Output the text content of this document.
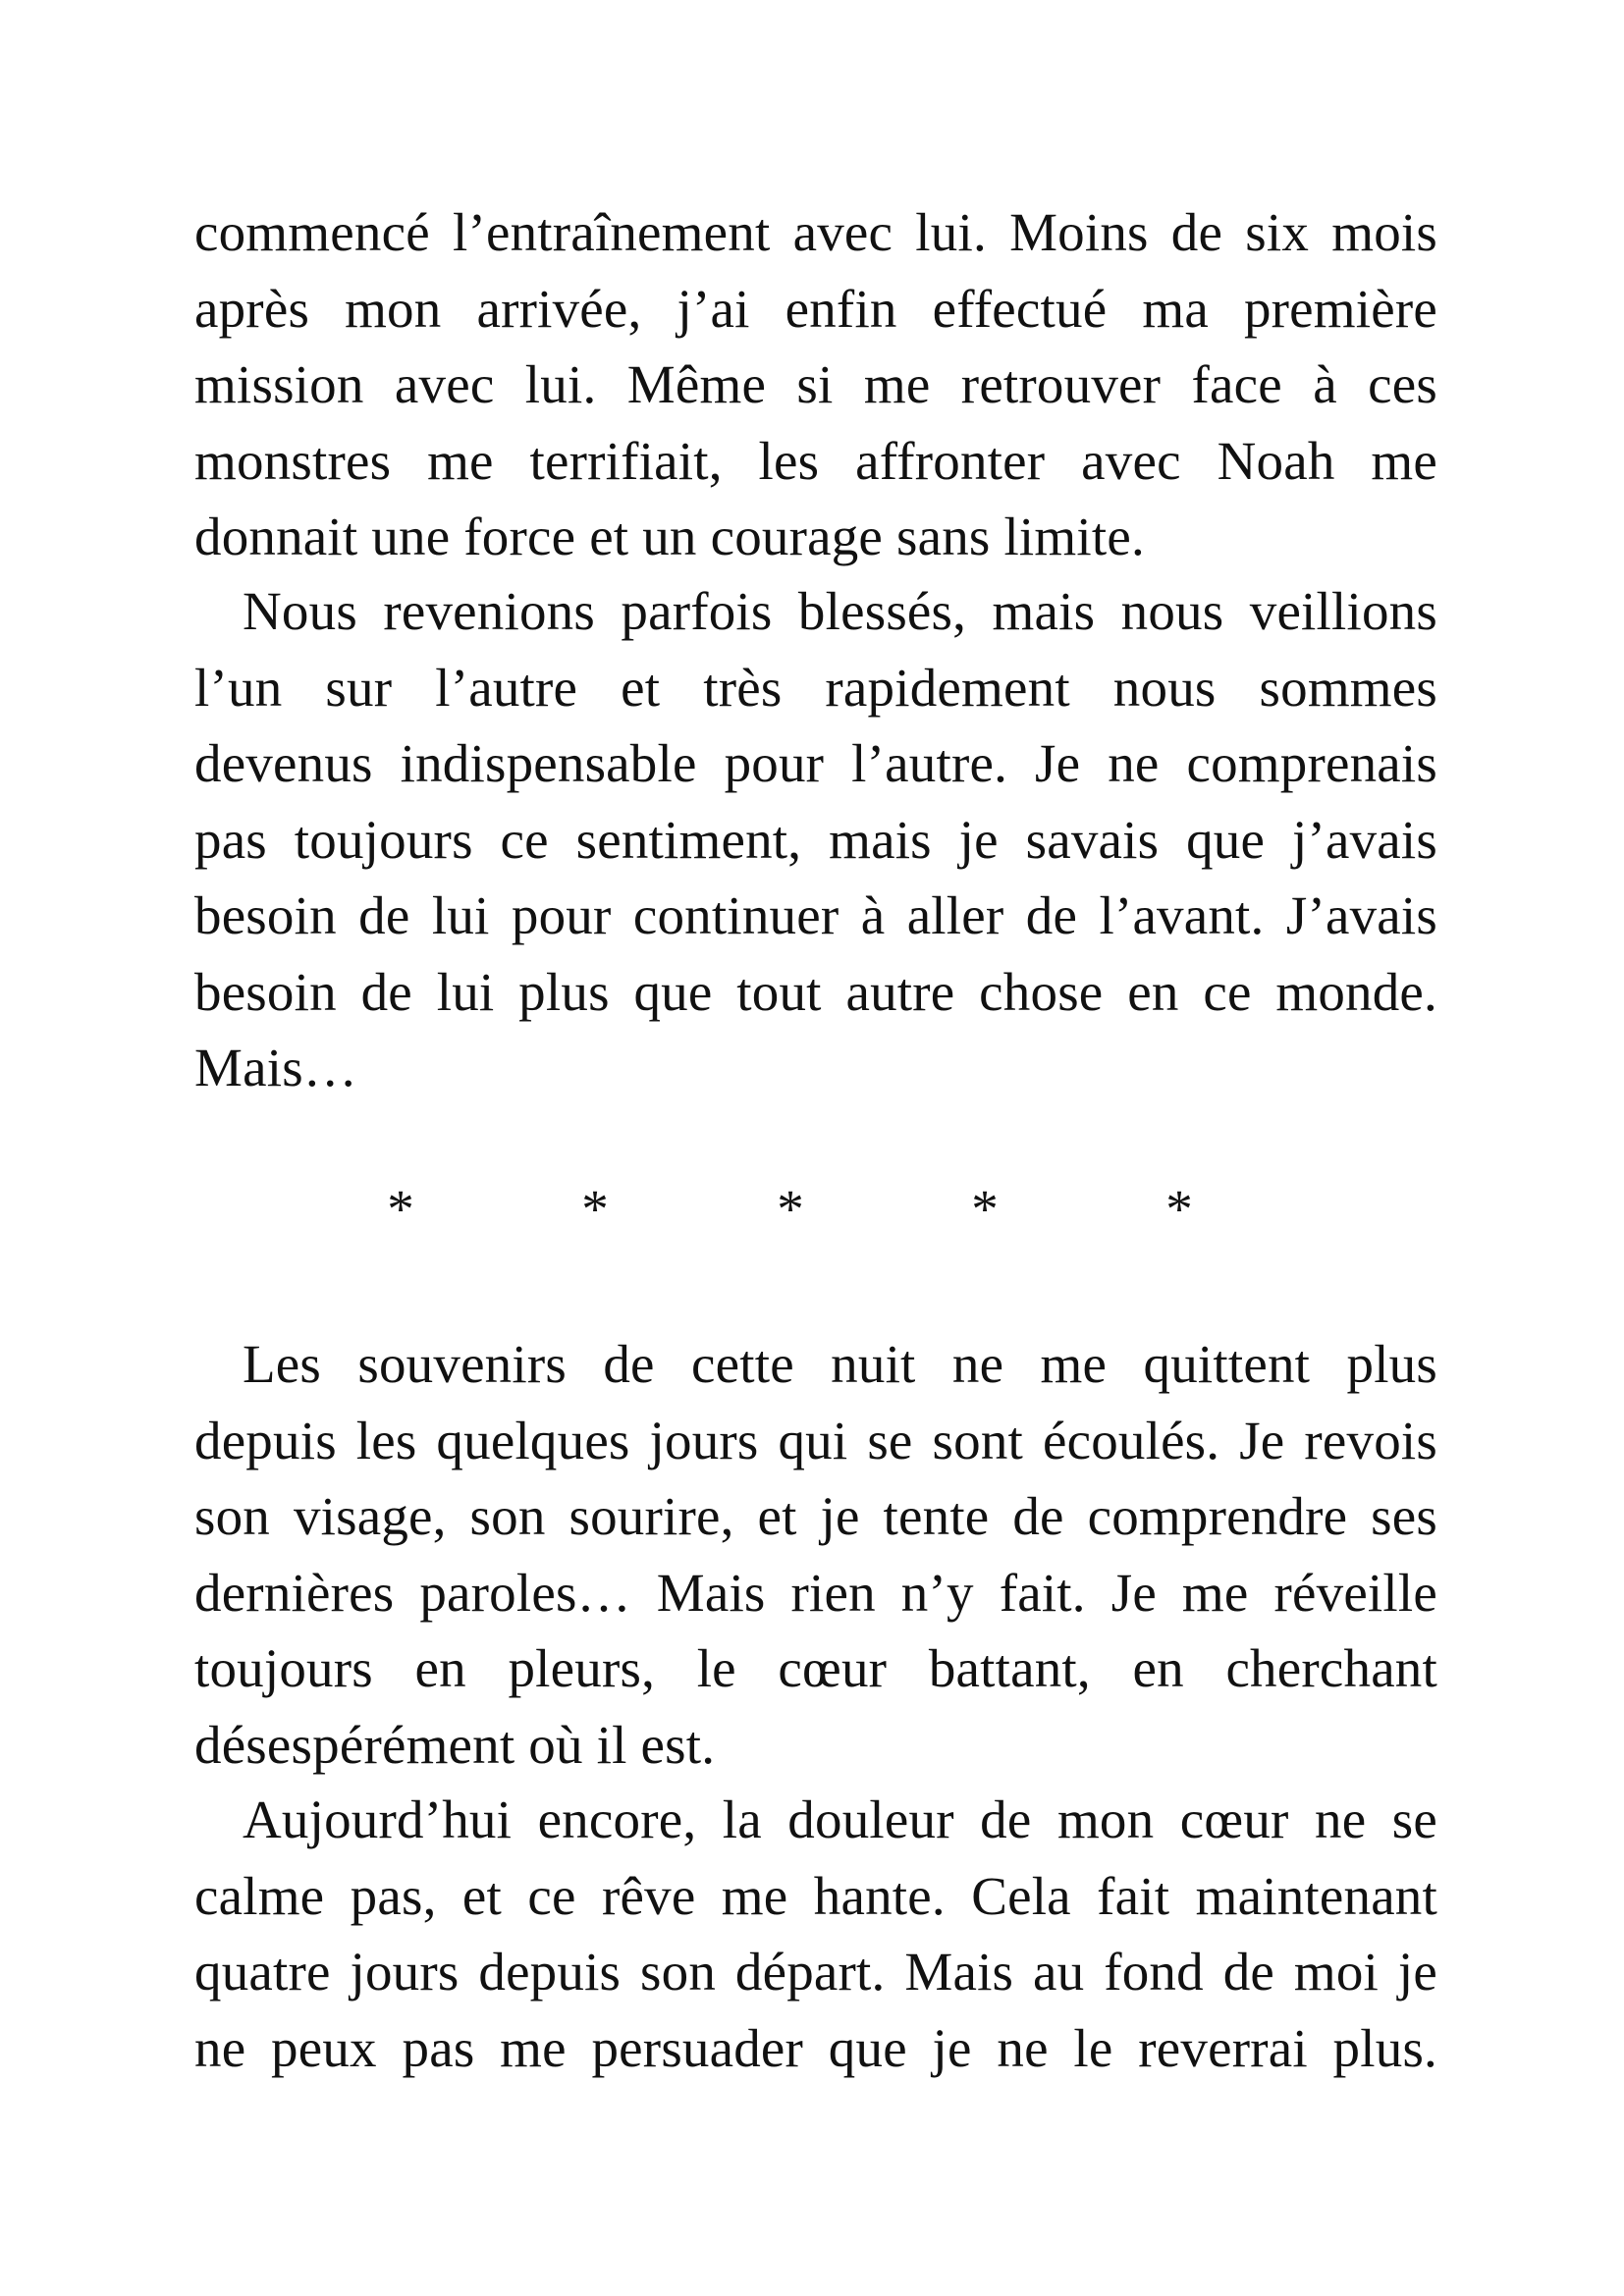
commencé l’entraînement avec lui. Moins de six mois
après mon arrivée, j’ai enfin effectué ma première
mission avec lui. Même si me retrouver face à ces
monstres me terrifiait, les affronter avec Noah me
donnait une force et un courage sans limite.
Nous revenions parfois blessés, mais nous veillions
l’un sur l’autre et très rapidement nous sommes
devenus indispensable pour l’autre. Je ne comprenais
pas toujours ce sentiment, mais je savais que j’avais
besoin de lui pour continuer à aller de l’avant. J’avais
besoin de lui plus que tout autre chose en ce monde.
Mais…
*	*	*	*	*
Les souvenirs de cette nuit ne me quittent plus
depuis les quelques jours qui se sont écoulés. Je revois
son visage, son sourire, et je tente de comprendre ses
dernières paroles… Mais rien n’y fait. Je me réveille
toujours en pleurs, le cœur battant, en cherchant
désespérément où il est.
Aujourd’hui encore, la douleur de mon cœur ne se
calme pas, et ce rêve me hante. Cela fait maintenant
quatre jours depuis son départ. Mais au fond de moi je
ne peux pas me persuader que je ne le reverrai plus.
